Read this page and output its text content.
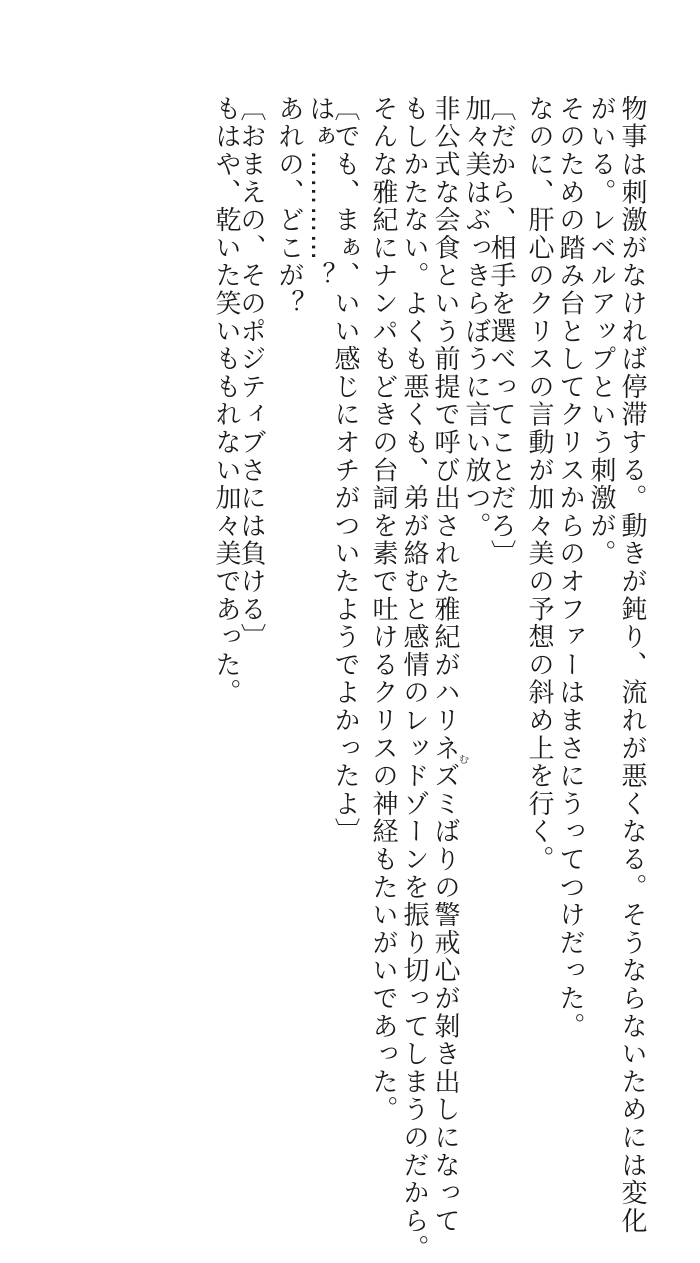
物事は刺激がなければ停滞する。動きが鈍り、流れが悪くなる。そうならないためには変化
がいる。レベルアップという刺激が。
そのための踏み台としてクリスからのオファーはまさにうってつけだった。
なのに、肝心のクリスの言動が加々美の予想の斜め上を行く。
〔だから、相手を選べってことだろ〕
加々美はぶっきらぼうに言い放つ。
非公式な会食という前提で呼び出された雅紀がハリネズミばりの警戒心が剝き出しになって
もしかたない。よくも悪くも、弟が絡むと感情のレッドゾーンを振り切ってしまうのだから。
そんな雅紀にナンパもどきの台詞を素で吐けるクリスの神経もたいがいであった。
〔でも、まぁ、いい感じにオチがついたようでよかったよ〕
はぁ…………？
あれの、どこが？
〔おまえの、そのポジティブさには負ける〕
もはや、乾いた笑いももれない加々美であった。
む
